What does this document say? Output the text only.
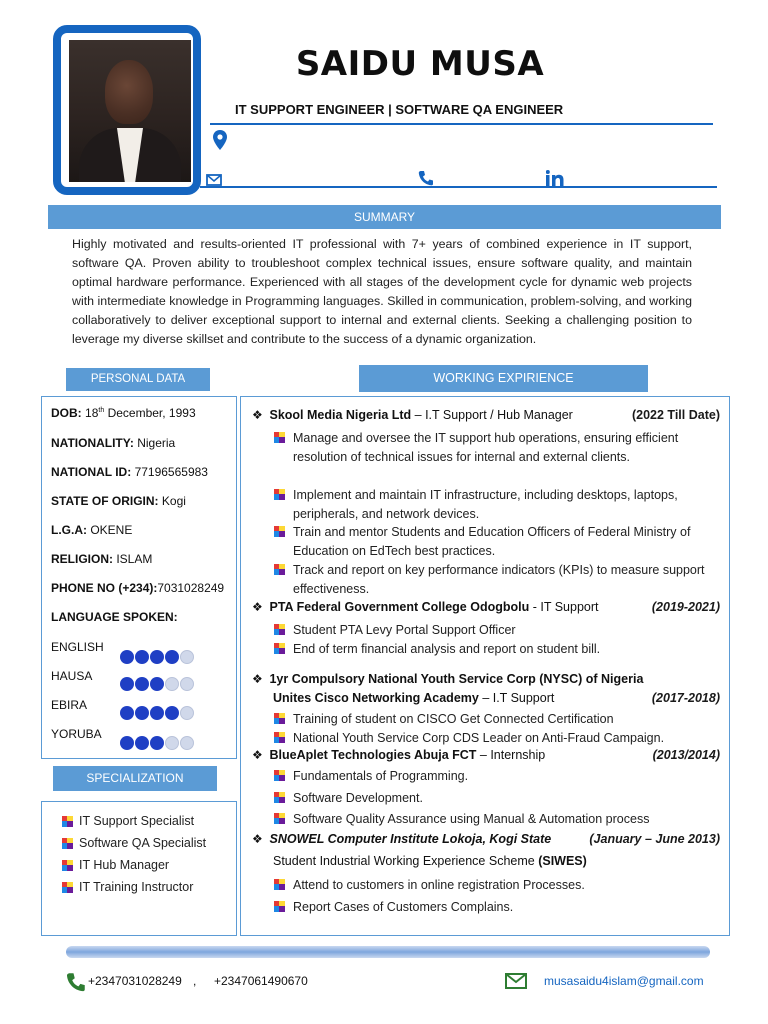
SAIDU MUSA
IT SUPPORT ENGINEER | SOFTWARE QA ENGINEER
SUMMARY
Highly motivated and results-oriented IT professional with 7+ years of combined experience in IT support, software QA. Proven ability to troubleshoot complex technical issues, ensure software quality, and maintain optimal hardware performance. Experienced with all stages of the development cycle for dynamic web projects with intermediate knowledge in Programming languages. Skilled in communication, problem-solving, and working collaboratively to deliver exceptional support to internal and external clients. Seeking a challenging position to leverage my diverse skillset and contribute to the success of a dynamic organization.
PERSONAL DATA	WORKING EXPIRIENCE
DOB: 18th December, 1993
NATIONALITY: Nigeria
NATIONAL ID: 77196565983
STATE OF ORIGIN: Kogi
L.G.A: OKENE
RELIGION: ISLAM
PHONE NO (+234):7031028249
LANGUAGE SPOKEN:
ENGLISH
HAUSA
EBIRA
YORUBA
SPECIALIZATION
IT Support Specialist
Software QA Specialist
IT Hub Manager
IT Training Instructor
❖ Skool Media Nigeria Ltd – I.T Support / Hub Manager	(2022 Till Date)
Manage and oversee the IT support hub operations, ensuring efficient resolution of technical issues for internal and external clients.
Implement and maintain IT infrastructure, including desktops, laptops, peripherals, and network devices.
Train and mentor Students and Education Officers of Federal Ministry of Education on EdTech best practices.
Track and report on key performance indicators (KPIs) to measure support effectiveness.
❖ PTA Federal Government College Odogbolu - IT Support	(2019-2021)
Student PTA Levy Portal Support Officer
End of term financial analysis and report on student bill.
❖ 1yr Compulsory National Youth Service Corp (NYSC) of Nigeria
Unites Cisco Networking Academy – I.T Support	(2017-2018)
Training of student on CISCO Get Connected Certification
National Youth Service Corp CDS Leader on Anti-Fraud Campaign.
❖ BlueAplet Technologies Abuja FCT – Internship	(2013/2014)
Fundamentals of Programming.
Software Development.
Software Quality Assurance using Manual & Automation process
❖ SNOWEL Computer Institute Lokoja, Kogi State	(January – June 2013)
Student Industrial Working Experience Scheme (SIWES)
Attend to customers in online registration Processes.
Report Cases of Customers Complains.
+2347031028249 , +2347061490670	musasaidu4islam@gmail.com
